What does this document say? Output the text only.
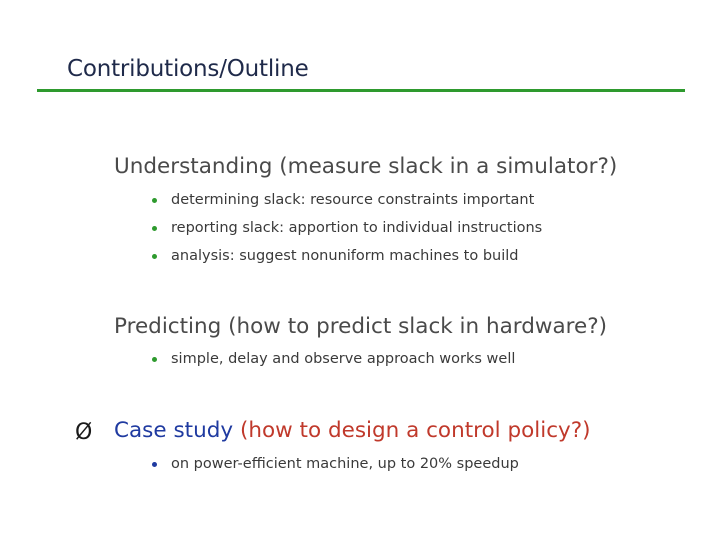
Contributions/Outline
Understanding (measure slack in a simulator?)
determining slack: resource constraints important
reporting slack: apportion to individual instructions
analysis: suggest nonuniform machines to build
Predicting (how to predict slack in hardware?)
simple, delay and observe approach works well
Ø Case study (how to design a control policy?)
on power-efficient machine, up to 20% speedup
